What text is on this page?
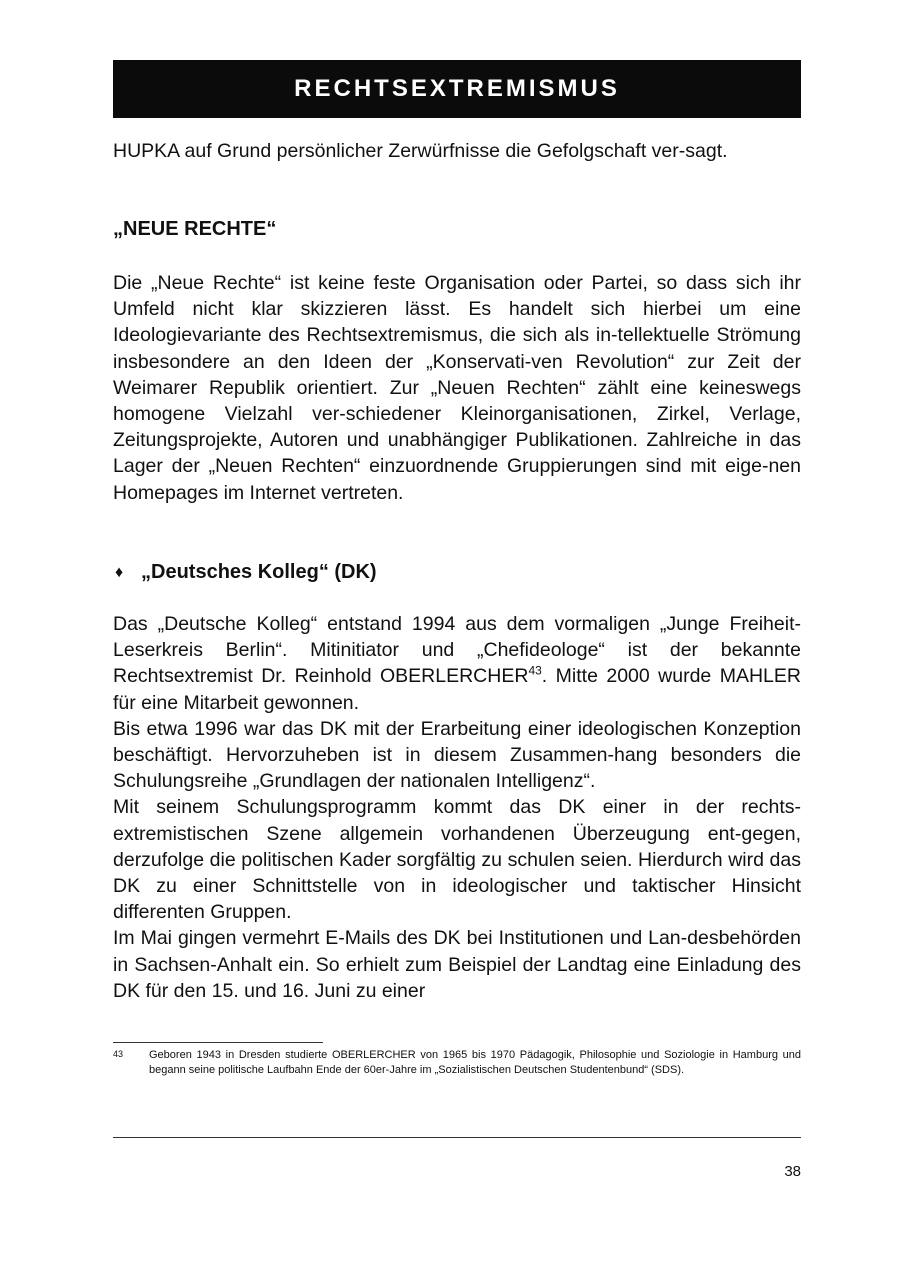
RECHTSEXTREMISMUS

HUPKA auf Grund persönlicher Zerwürfnisse die Gefolgschaft ver-sagt.

„NEUE RECHTE“

Die „Neue Rechte“ ist keine feste Organisation oder Partei, so dass sich ihr Umfeld nicht klar skizzieren lässt. Es handelt sich hierbei um eine Ideologievariante des Rechtsextremismus, die sich als in-tellektuelle Strömung insbesondere an den Ideen der „Konservati-ven Revolution“ zur Zeit der Weimarer Republik orientiert. Zur „Neuen Rechten“ zählt eine keineswegs homogene Vielzahl ver-schiedener Kleinorganisationen, Zirkel, Verlage, Zeitungsprojekte, Autoren und unabhängiger Publikationen. Zahlreiche in das Lager der „Neuen Rechten“ einzuordnende Gruppierungen sind mit eige-nen Homepages im Internet vertreten.

♦ „Deutsches Kolleg“ (DK)

Das „Deutsche Kolleg“ entstand 1994 aus dem vormaligen „Junge Freiheit-Leserkreis Berlin“. Mitinitiator und „Chefideologe“ ist der bekannte Rechtsextremist Dr. Reinhold OBERLERCHER$^{43}$. Mitte 2000 wurde MAHLER für eine Mitarbeit gewonnen.

Bis etwa 1996 war das DK mit der Erarbeitung einer ideologischen Konzeption beschäftigt. Hervorzuheben ist in diesem Zusammen-hang besonders die Schulungsreihe „Grundlagen der nationalen Intelligenz“.

Mit seinem Schulungsprogramm kommt das DK einer in der rechts-extremistischen Szene allgemein vorhandenen Überzeugung ent-gegen, derzufolge die politischen Kader sorgfältig zu schulen seien. Hierdurch wird das DK zu einer Schnittstelle von in ideologischer und taktischer Hinsicht differenten Gruppen.

Im Mai gingen vermehrt E-Mails des DK bei Institutionen und Lan-desbehörden in Sachsen-Anhalt ein. So erhielt zum Beispiel der Landtag eine Einladung des DK für den 15. und 16. Juni zu einer

43	Geboren 1943 in Dresden studierte OBERLERCHER von 1965 bis 1970 Pädagogik, Philosophie und Soziologie in Hamburg und begann seine politische Laufbahn Ende der 60er-Jahre im „Sozialistischen Deutschen Studentenbund“ (SDS).

38
